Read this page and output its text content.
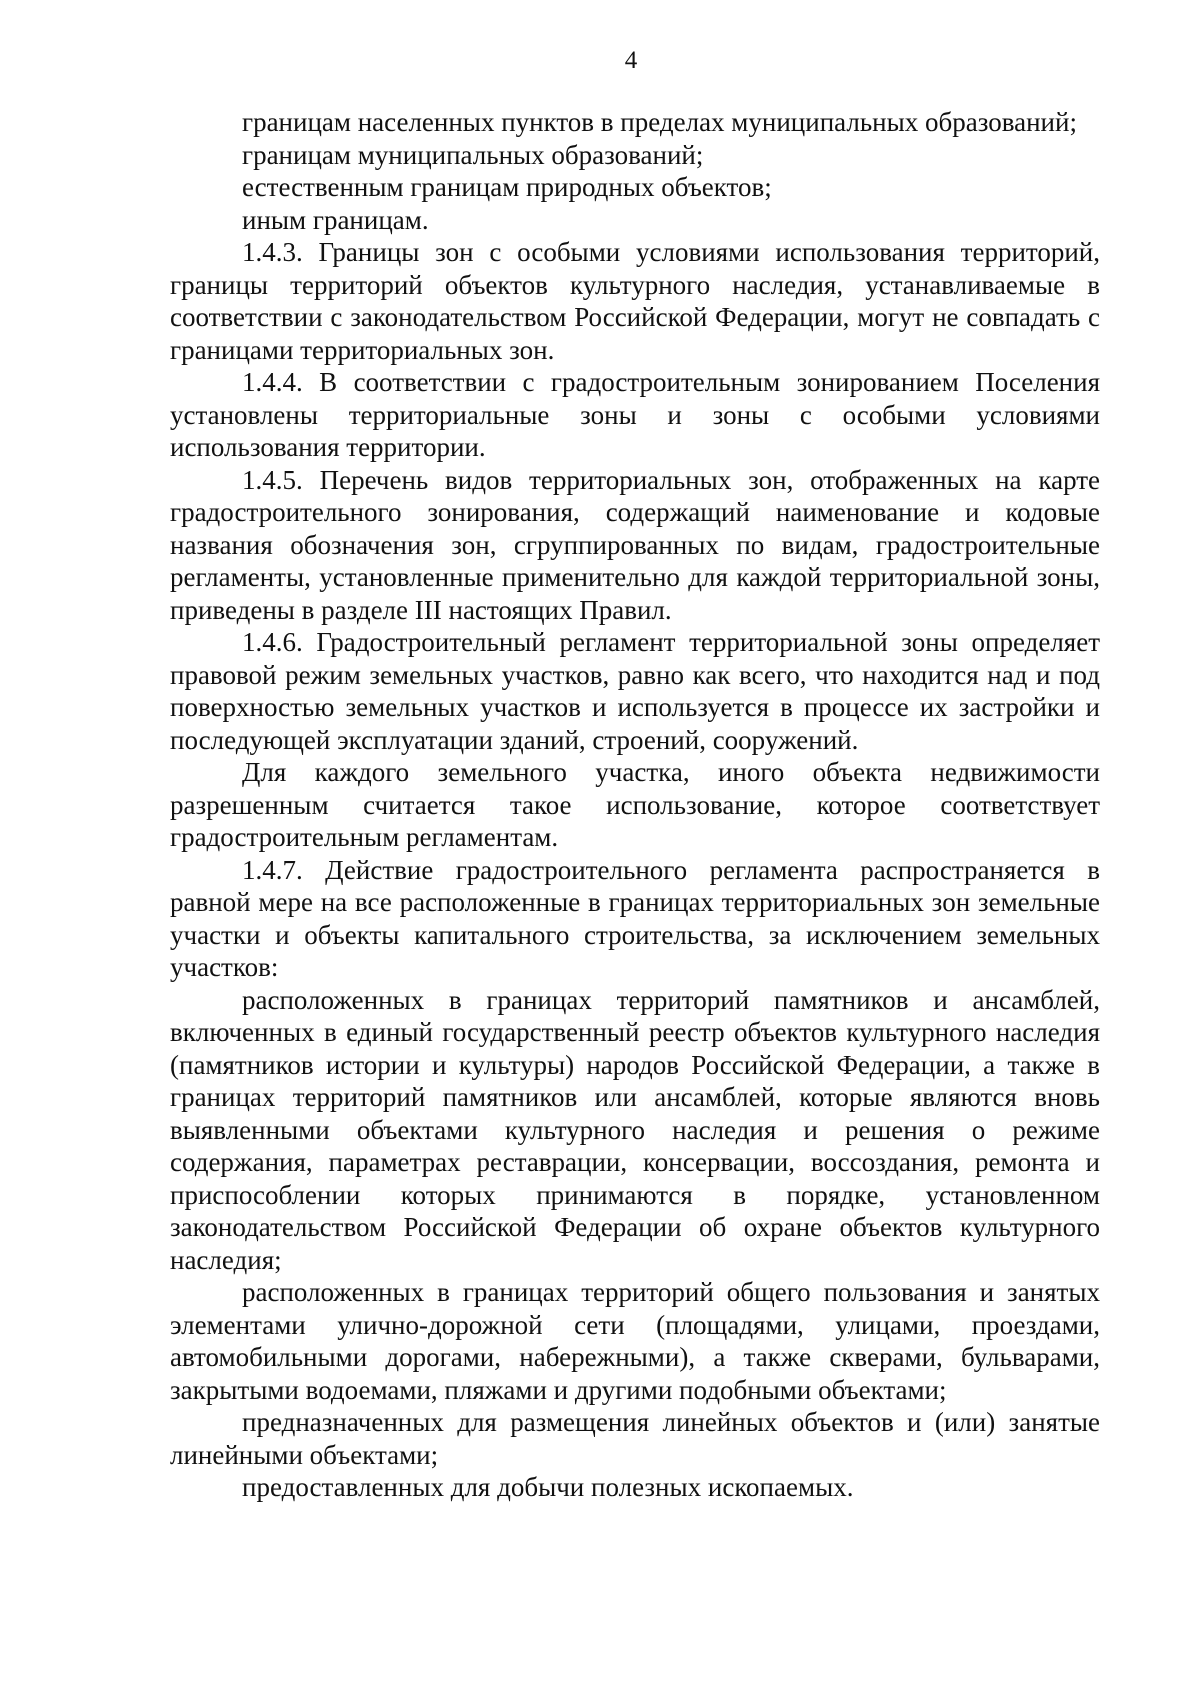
4

границам населенных пунктов в пределах муниципальных образований;

границам муниципальных образований;

естественным границам природных объектов;

иным границам.

1.4.3. Границы зон с особыми условиями использования территорий, границы территорий объектов культурного наследия, устанавливаемые в соответствии с законодательством Российской Федерации, могут не совпадать с границами территориальных зон.

1.4.4. В соответствии с градостроительным зонированием Поселения установлены территориальные зоны и зоны с особыми условиями использования территории.

1.4.5. Перечень видов территориальных зон, отображенных на карте градостроительного зонирования, содержащий наименование и кодовые названия обозначения зон, сгруппированных по видам, градостроительные регламенты, установленные применительно для каждой территориальной зоны, приведены в разделе III настоящих Правил.

1.4.6. Градостроительный регламент территориальной зоны определяет правовой режим земельных участков, равно как всего, что находится над и под поверхностью земельных участков и используется в процессе их застройки и последующей эксплуатации зданий, строений, сооружений.

Для каждого земельного участка, иного объекта недвижимости разрешенным считается такое использование, которое соответствует градостроительным регламентам.

1.4.7. Действие градостроительного регламента распространяется в равной мере на все расположенные в границах территориальных зон земельные участки и объекты капитального строительства, за исключением земельных участков:

расположенных в границах территорий памятников и ансамблей, включенных в единый государственный реестр объектов культурного наследия (памятников истории и культуры) народов Российской Федерации, а также в границах территорий памятников или ансамблей, которые являются вновь выявленными объектами культурного наследия и решения о режиме содержания, параметрах реставрации, консервации, воссоздания, ремонта и приспособлении которых принимаются в порядке, установленном законодательством Российской Федерации об охране объектов культурного наследия;

расположенных в границах территорий общего пользования и занятых элементами улично-дорожной сети (площадями, улицами, проездами, автомобильными дорогами, набережными), а также скверами, бульварами, закрытыми водоемами, пляжами и другими подобными объектами;

предназначенных для размещения линейных объектов и (или) занятые линейными объектами;

предоставленных для добычи полезных ископаемых.
